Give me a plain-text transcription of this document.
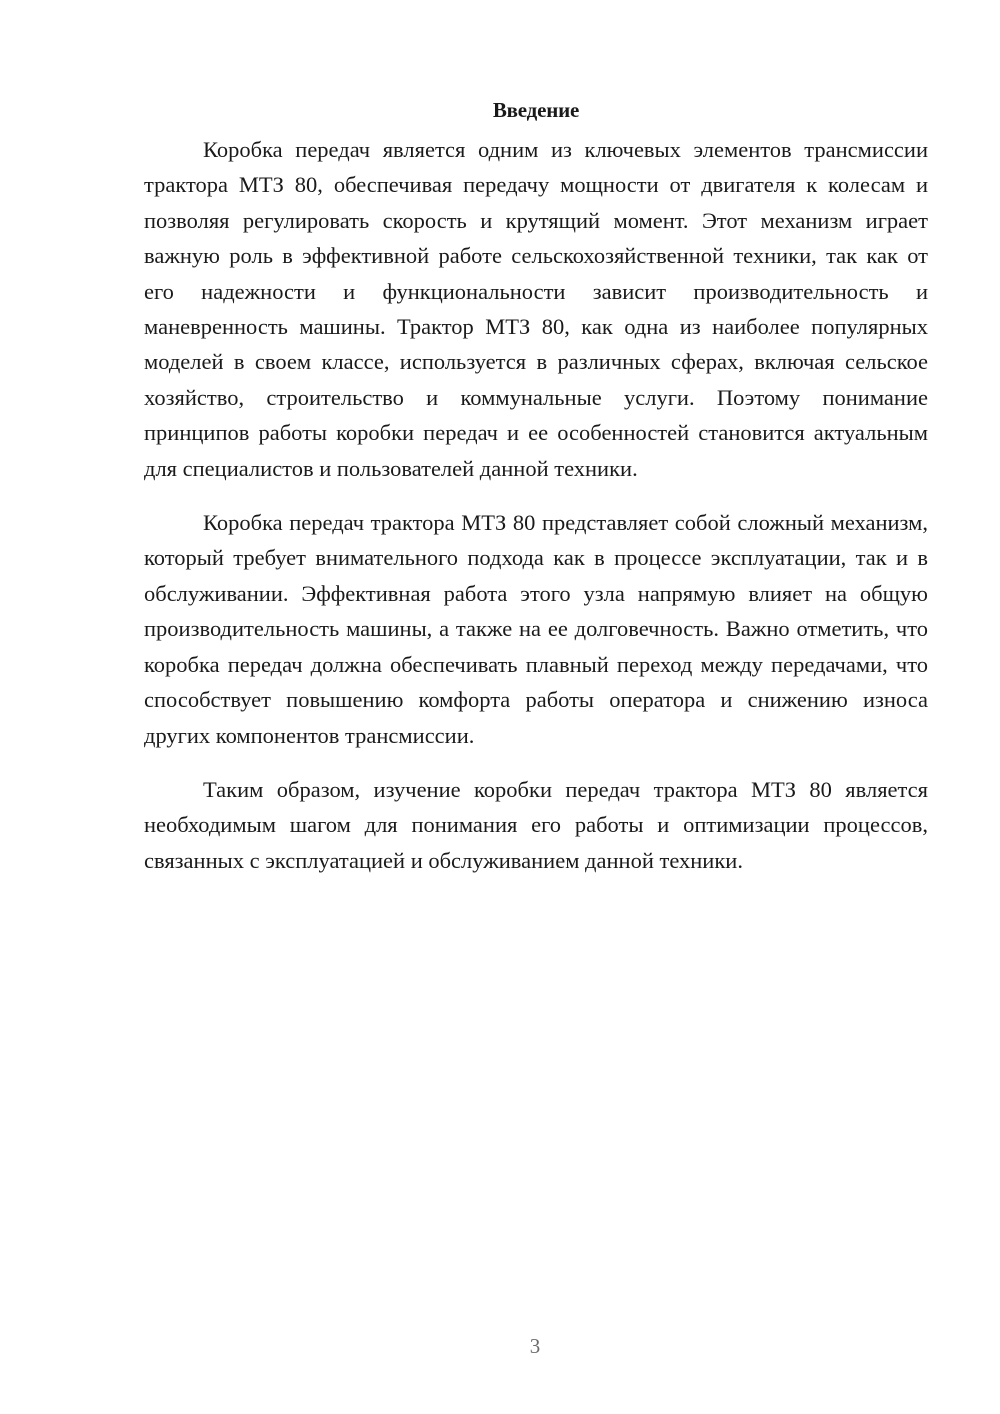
Введение

Коробка передач является одним из ключевых элементов трансмиссии трактора МТЗ 80, обеспечивая передачу мощности от двигателя к колесам и позволяя регулировать скорость и крутящий момент. Этот механизм играет важную роль в эффективной работе сельскохозяйственной техники, так как от его надежности и функциональности зависит производительность и маневренность машины. Трактор МТЗ 80, как одна из наиболее популярных моделей в своем классе, используется в различных сферах, включая сельское хозяйство, строительство и коммунальные услуги. Поэтому понимание принципов работы коробки передач и ее особенностей становится актуальным для специалистов и пользователей данной техники.

Коробка передач трактора МТЗ 80 представляет собой сложный механизм, который требует внимательного подхода как в процессе эксплуатации, так и в обслуживании. Эффективная работа этого узла напрямую влияет на общую производительность машины, а также на ее долговечность. Важно отметить, что коробка передач должна обеспечивать плавный переход между передачами, что способствует повышению комфорта работы оператора и снижению износа других компонентов трансмиссии.

Таким образом, изучение коробки передач трактора МТЗ 80 является необходимым шагом для понимания его работы и оптимизации процессов, связанных с эксплуатацией и обслуживанием данной техники.

3
